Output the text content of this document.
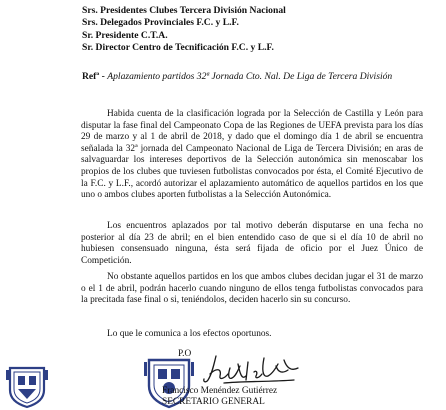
Srs. Presidentes Clubes Tercera División Nacional
Srs. Delegados Provinciales F.C. y L.F.
Sr. Presidente C.T.A.
Sr. Director Centro de Tecnificación F.C. y L.F.
Refª - Aplazamiento partidos 32ª Jornada Cto. Nal. De Liga de Tercera División
Habida cuenta de la clasificación lograda por la Selección de Castilla y León para disputar la fase final del Campeonato Copa de las Regiones de UEFA prevista para los días 29 de marzo y al 1 de abril de 2018, y dado que el domingo día 1 de abril se encuentra señalada la 32ª jornada del Campeonato Nacional de Liga de Tercera División; en aras de salvaguardar los intereses deportivos de la Selección autonómica sin menoscabar los propios de los clubes que tuviesen futbolistas convocados por ésta, el Comité Ejecutivo de la F.C. y L.F., acordó autorizar el aplazamiento automático de aquellos partidos en los que uno o ambos clubes aporten futbolistas a la Selección Autonómica.
Los encuentros aplazados por tal motivo deberán disputarse en una fecha no posterior al día 23 de abril; en el bien entendido caso de que si el día 10 de abril no hubiesen consensuado ninguna, ésta será fijada de oficio por el Juez Único de Competición.
No obstante aquellos partidos en los que ambos clubes decidan jugar el 31 de marzo o el 1 de abril, podrán hacerlo cuando ninguno de ellos tenga futbolistas convocados para la precitada fase final o si, teniéndolos, deciden hacerlo sin su concurso.
Lo que le comunica a los efectos oportunos.
P.O
Francisco Menéndez Gutiérrez
SECRETARIO GENERAL
